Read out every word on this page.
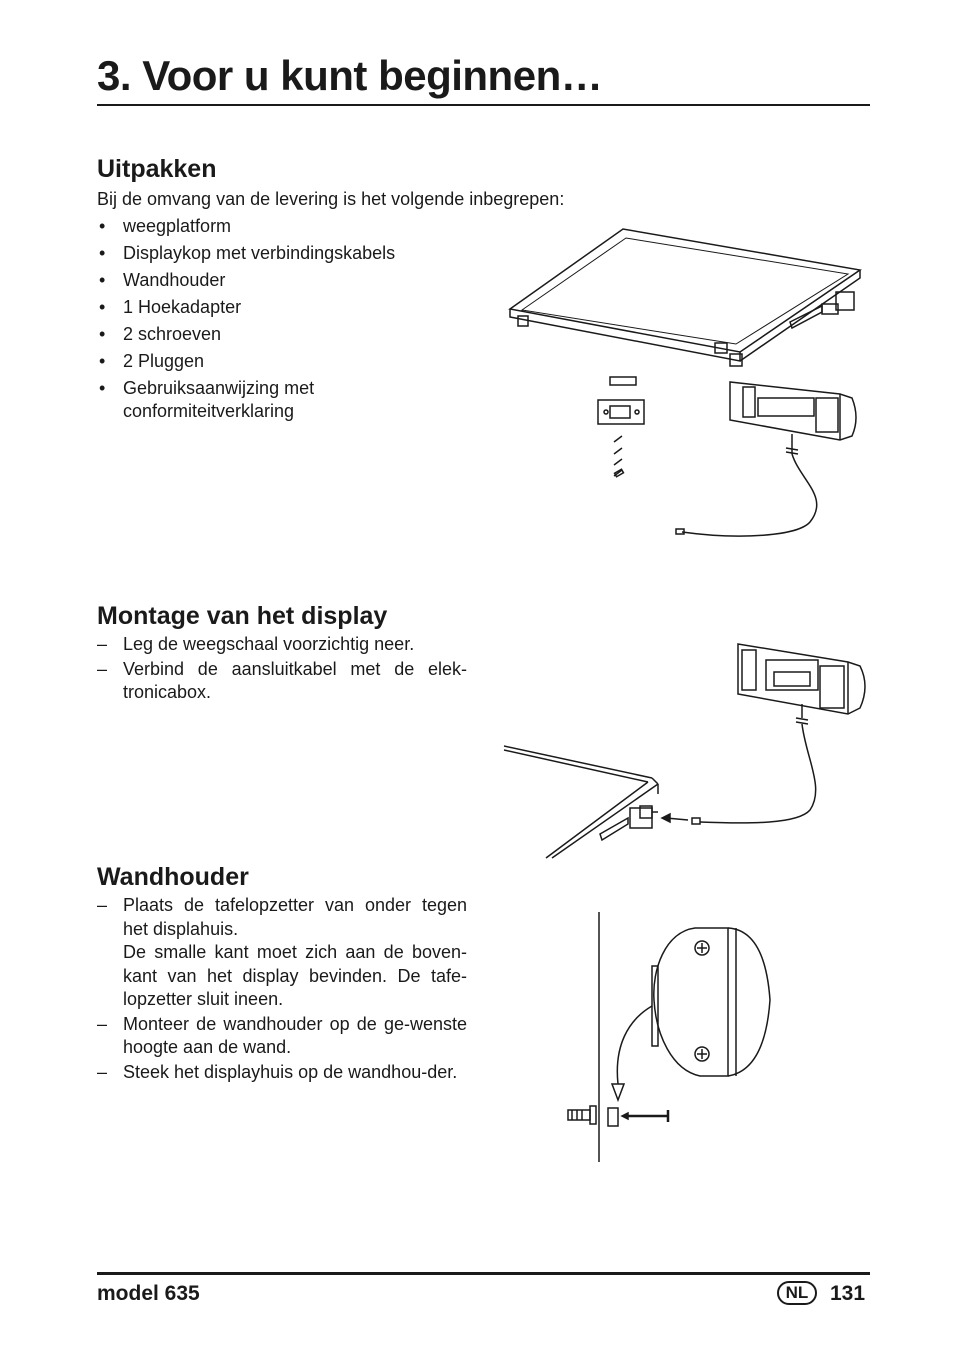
3. Voor u kunt beginnen…
Uitpakken
Bij de omvang van de levering is het volgende inbegrepen:
• weegplatform
• Displaykop met verbindingskabels
• Wandhouder
• 1 Hoekadapter
• 2 schroeven
• 2 Pluggen
• Gebruiksaanwijzing met conformiteitverklaring
Montage van het display
– Leg de weegschaal voorzichtig neer.
– Verbind de aansluitkabel met de elek-tronicabox.
Wandhouder
– Plaats de tafelopzetter van onder tegen het displahuis.
De smalle kant moet zich aan de boven-kant van het display bevinden. De tafe-lopzetter sluit ineen.
– Monteer de wandhouder op de ge-wenste hoogte aan de wand.
– Steek het displayhuis op de wandhou-der.
model 635	NL	131
